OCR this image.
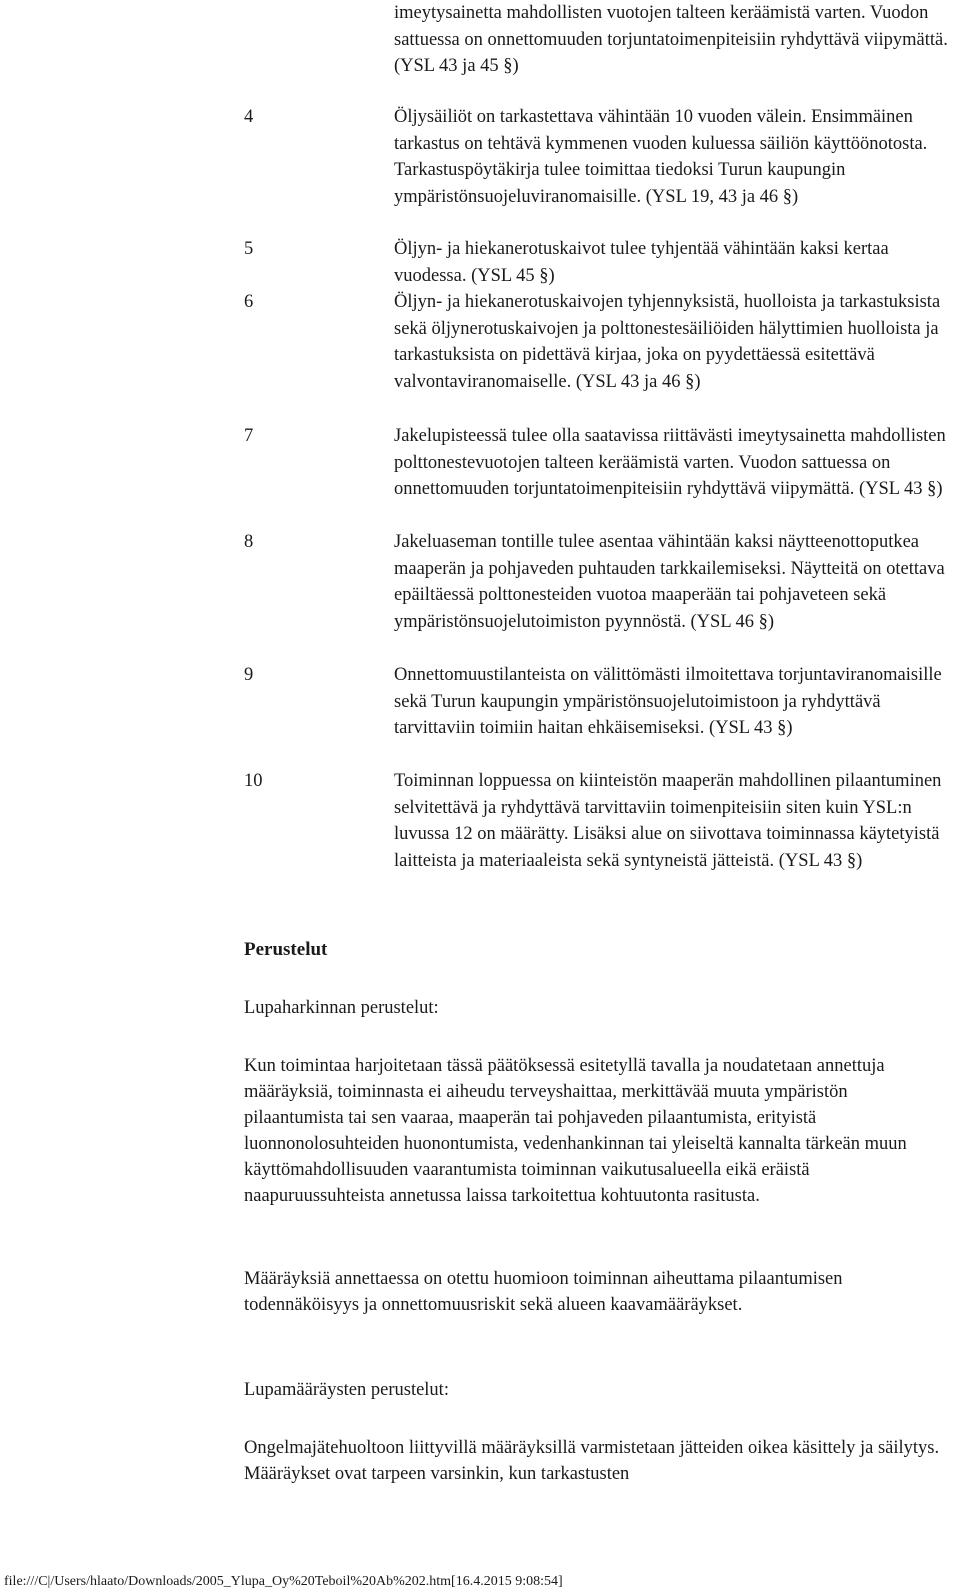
imeytysainetta mahdollisten vuotojen talteen keräämistä varten. Vuodon sattuessa on onnettomuuden torjuntatoimenpiteisiin ryhdyttävä viipymättä. (YSL 43 ja 45 §)
4	Öljysäiliöt on tarkastettava vähintään 10 vuoden välein. Ensimmäinen tarkastus on tehtävä kymmenen vuoden kuluessa säiliön käyttöönotosta. Tarkastuspöytäkirja tulee toimittaa tiedoksi Turun kaupungin ympäristönsuojeluviranomaisille. (YSL 19, 43 ja 46 §)
5	Öljyn- ja hiekanerotuskaivot tulee tyhjentää vähintään kaksi kertaa vuodessa. (YSL 45 §)
6	Öljyn- ja hiekanerotuskaivojen tyhjennyksistä, huolloista ja tarkastuksista sekä öljynerotuskaivojen ja polttonestesäiliöiden hälyttimien huolloista ja tarkastuksista on pidettävä kirjaa, joka on pyydettäessä esitettävä valvontaviranomaiselle. (YSL 43 ja 46 §)
7	Jakelupisteessä tulee olla saatavissa riittävästi imeytysainetta mahdollisten polttonestevuotojen talteen keräämistä varten. Vuodon sattuessa on onnettomuuden torjuntatoimenpiteisiin ryhdyttävä viipymättä. (YSL 43 §)
8	Jakeluaseman tontille tulee asentaa vähintään kaksi näytteenottoputkea maaperän ja pohjaveden puhtauden tarkkailemiseksi. Näytteitä on otettava epäiltäessä polttonesteiden vuotoa maaperään tai pohjaveteen sekä ympäristönsuojelutoimiston pyynnöstä. (YSL 46 §)
9	Onnettomuustilanteista on välittömästi ilmoitettava torjuntaviranomaisille sekä Turun kaupungin ympäristönsuojelutoimistoon ja ryhdyttävä tarvittaviin toimiin haitan ehkäisemiseksi. (YSL 43 §)
10	Toiminnan loppuessa on kiinteistön maaperän mahdollinen pilaantuminen selvitettävä ja ryhdyttävä tarvittaviin toimenpiteisiin siten kuin YSL:n luvussa 12 on määrätty. Lisäksi alue on siivottava toiminnassa käytetyistä laitteista ja materiaaleista sekä syntyneistä jätteistä. (YSL 43 §)
Perustelut
Lupaharkinnan perustelut:
Kun toimintaa harjoitetaan tässä päätöksessä esitetyllä tavalla ja noudatetaan annettuja määräyksiä, toiminnasta ei aiheudu terveyshaittaa, merkittävää muuta ympäristön pilaantumista tai sen vaaraa, maaperän tai pohjaveden pilaantumista, erityistä luonnonolosuhteiden huonontumista, vedenhankinnan tai yleiseltä kannalta tärkeän muun käyttömahdollisuuden vaarantumista toiminnan vaikutusalueella eikä eräistä naapuruussuhteista annetussa laissa tarkoitettua kohtuutonta rasitusta.
Määräyksiä annettaessa on otettu huomioon toiminnan aiheuttama pilaantumisen todennäköisyys ja onnettomuusriskit sekä alueen kaavamääräykset.
Lupamääräysten perustelut:
Ongelmajätehuoltoon liittyvillä määräyksillä varmistetaan jätteiden oikea käsittely ja säilytys. Määräykset ovat tarpeen varsinkin, kun tarkastusten
file:///C|/Users/hlaato/Downloads/2005_Ylupa_Oy%20Teboil%20Ab%202.htm[16.4.2015 9:08:54]
